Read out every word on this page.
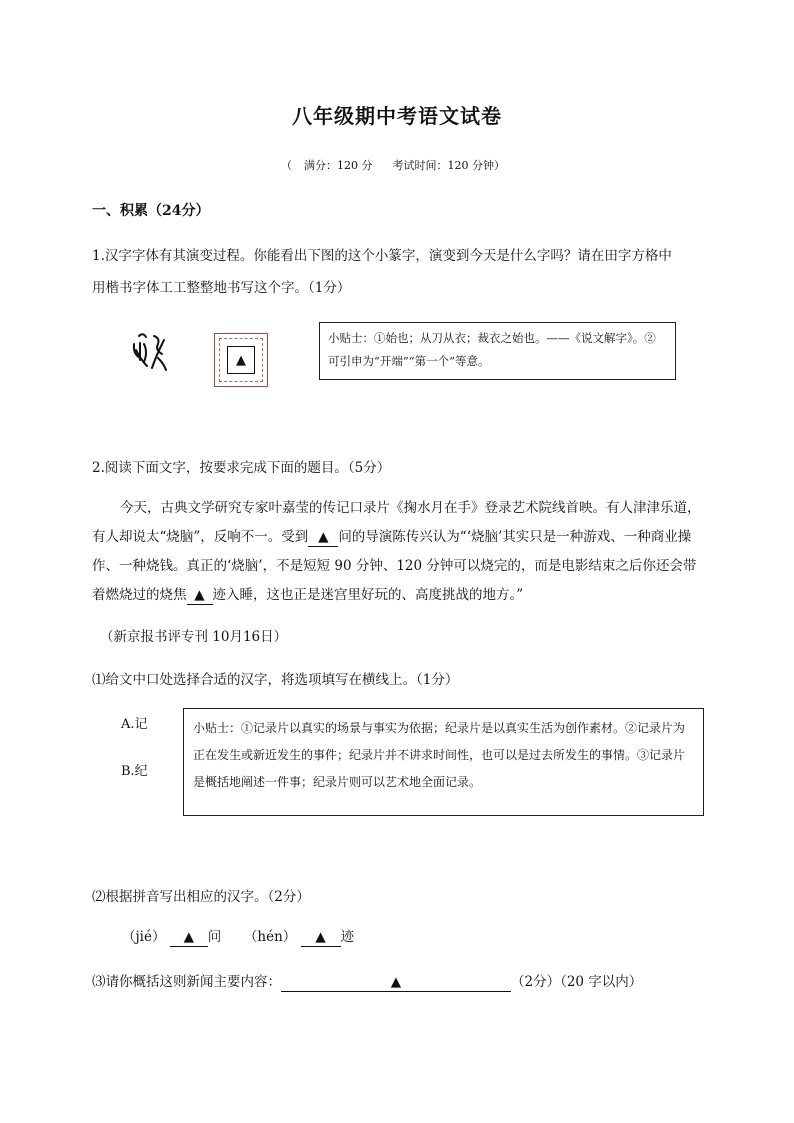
八年级期中考语文试卷
（ 满分：120 分 考试时间：120 分钟）
一、积累（24分）
1.汉字字体有其演变过程。你能看出下图的这个小篆字，演变到今天是什么字吗？请在田字方格中
用楷书字体工工整整地书写这个字。（1分）
▲
小贴士：①始也；从刀从衣；裁衣之始也。——《说文解字》。②可引申为“开端”“第一个”等意。
2.阅读下面文字，按要求完成下面的题目。（5分）
今天，古典文学研究专家叶嘉莹的传记口录片《掬水月在手》登录艺术院线首映。有人津津乐道，有人却说太“烧脑”，反响不一。受到 ▲ 问的导演陈传兴认为“‘烧脑’其实只是一种游戏、一种商业操作、一种烧钱。真正的‘烧脑’，不是短短 90 分钟、120 分钟可以烧完的，而是电影结束之后你还会带着燃烧过的烧焦 ▲ 迹入睡，这也正是迷宫里好玩的、高度挑战的地方。”
（新京报书评专刊 10月16日）
⑴给文中口处选择合适的汉字，将选项填写在横线上。（1分）
A.记
B.纪
小贴士：①记录片以真实的场景与事实为依据；纪录片是以真实生活为创作素材。②记录片为正在发生或新近发生的事件；纪录片并不讲求时间性，也可以是过去所发生的事情。③记录片是概括地阐述一件事；纪录片则可以艺术地全面记录。
⑵根据拼音写出相应的汉字。（2分）
（jié） ▲ 问 （hén） ▲ 迹
⑶请你概括这则新闻主要内容：	▲	（2分）（20 字以内）
